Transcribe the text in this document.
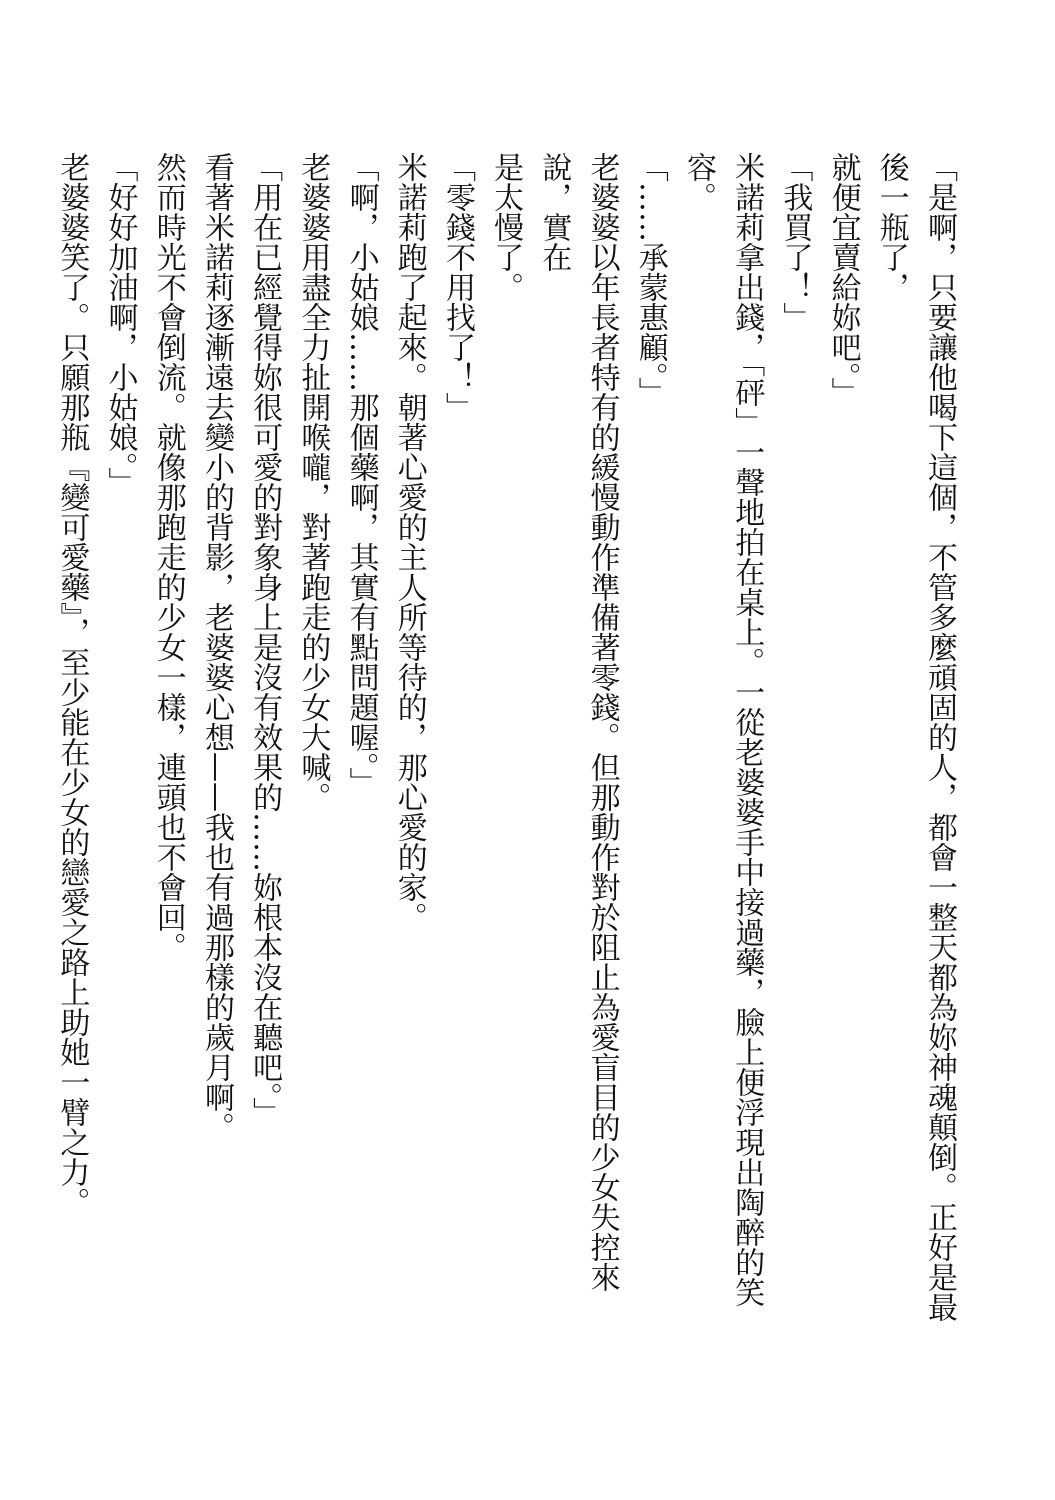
「是啊，只要讓他喝下這個，不管多麼頑固的人，都會一整天都為妳神魂顛倒。正好是最後一瓶了，
就便宜賣給妳吧。」
「我買了！」
米諾莉拿出錢，「砰」一聲地拍在桌上。一從老婆婆手中接過藥，臉上便浮現出陶醉的笑容。
「……承蒙惠顧。」
老婆婆以年長者特有的緩慢動作準備著零錢。但那動作對於阻止為愛盲目的少女失控來說，實在
是太慢了。
「零錢不用找了！」
米諾莉跑了起來。朝著心愛的主人所等待的，那心愛的家。
「啊，小姑娘……那個藥啊，其實有點問題喔。」
老婆婆用盡全力扯開喉嚨，對著跑走的少女大喊。
「用在已經覺得妳很可愛的對象身上是沒有效果的……妳根本沒在聽吧。」
看著米諾莉逐漸遠去變小的背影，老婆婆心想——我也有過那樣的歲月啊。
然而時光不會倒流。就像那跑走的少女一樣，連頭也不會回。
「好好加油啊，小姑娘。」
老婆婆笑了。只願那瓶『變可愛藥』，至少能在少女的戀愛之路上助她一臂之力。
